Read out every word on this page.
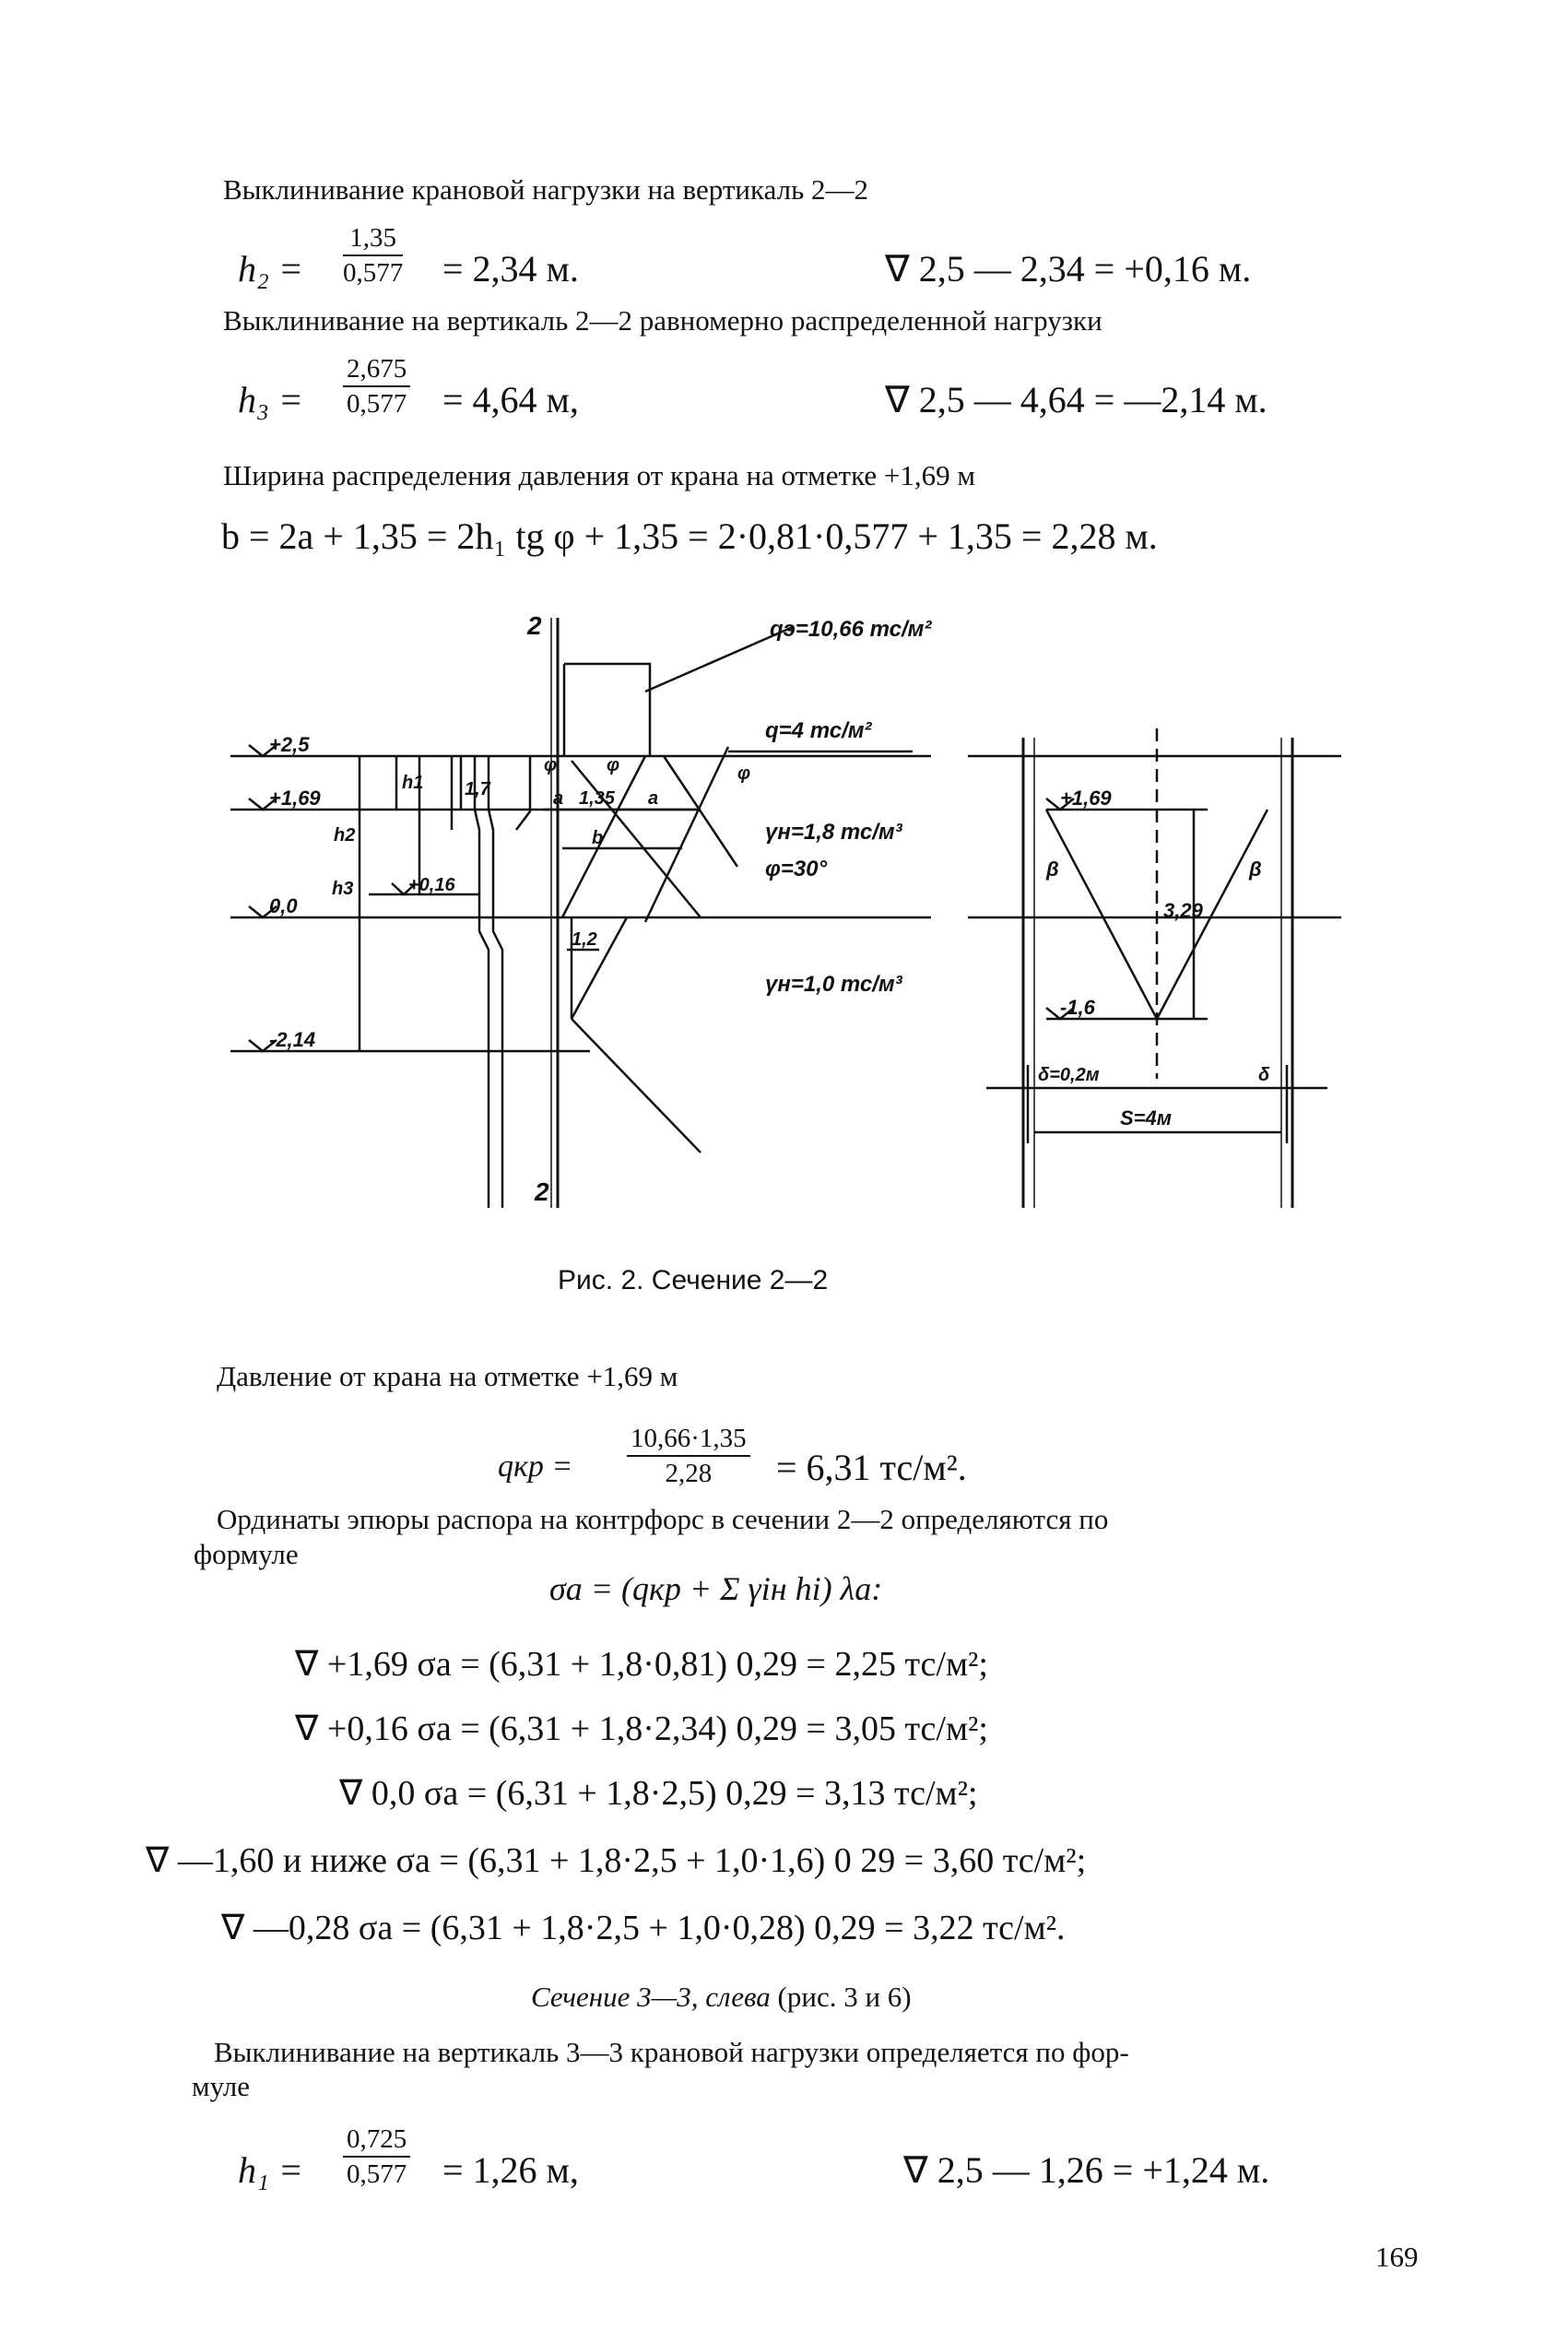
Выклинивание крановой нагрузки на вертикаль 2—2
$h_2 = \frac{1,35}{0,577} = 2,34$ м.	∇ 2,5 — 2,34 = +0,16 м.
Выклинивание на вертикаль 2—2 равномерно распределенной нагрузки
$h_3 = \frac{2,675}{0,577} = 4,64$ м,	∇ 2,5 — 4,64 = —2,14 м.
Ширина распределения давления от крана на отметке +1,69 м
b = 2a + 1,35 = 2h₁ tg φ + 1,35 = 2·0,81·0,577 + 1,35 = 2,28 м.
2
2
qэ=10,66 тс/м²
q=4 тс/м²
γн=1,8 тс/м³
φ=30°
γн=1,0 тс/м³
+2,5
+1,69
0,0
+0,16
-2,14
h1
h2
h3
1,7	1,35
1,2
a	a
b
φ	φ	φ
+1,69
-1,6
3,29
β	β
δ=0,2м	δ
S=4м
Рис. 2. Сечение 2—2
Давление от крана на отметке +1,69 м
qкр = $\frac{10,66\cdot 1,35}{2,28} = 6,31$ тс/м².
Ординаты эпюры распора на контрфорс в сечении 2—2 определяются по
формуле
σa = (qкр + Σ γiн hi) λa:
∇ +1,69 σa = (6,31 + 1,8·0,81) 0,29 = 2,25 тс/м²;
∇ +0,16 σa = (6,31 + 1,8·2,34) 0,29 = 3,05 тс/м²;
∇ 0,0 σa = (6,31 + 1,8·2,5) 0,29 = 3,13 тс/м²;
∇ —1,60 и ниже σa = (6,31 + 1,8·2,5 + 1,0·1,6) 0 29 = 3,60 тс/м²;
∇ —0,28 σa = (6,31 + 1,8·2,5 + 1,0·0,28) 0,29 = 3,22 тс/м².
Сечение 3—3, слева (рис. 3 и 6)
Выклинивание на вертикаль 3—3 крановой нагрузки определяется по фор-
муле
$h_1 = \frac{0,725}{0,577} = 1,26$ м,	∇ 2,5 — 1,26 = +1,24 м.
169
